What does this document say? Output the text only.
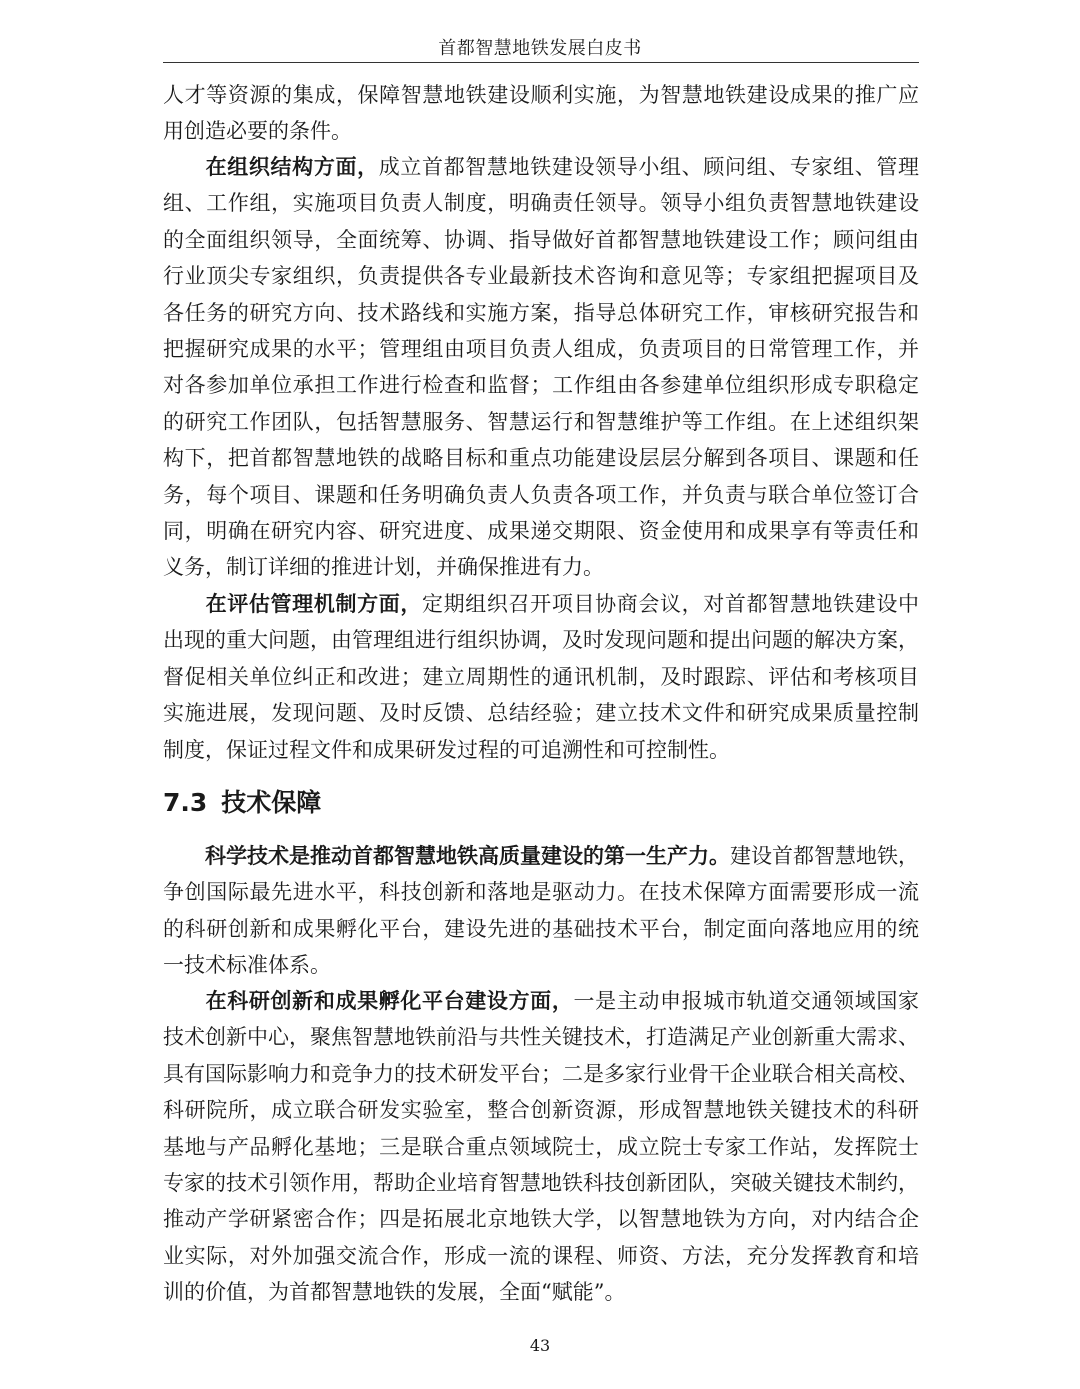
首都智慧地铁发展白皮书
人才等资源的集成，保障智慧地铁建设顺利实施，为智慧地铁建设成果的推广应
用创造必要的条件。
在组织结构方面，成立首都智慧地铁建设领导小组、顾问组、专家组、管理
组、工作组，实施项目负责人制度，明确责任领导。领导小组负责智慧地铁建设
的全面组织领导，全面统筹、协调、指导做好首都智慧地铁建设工作；顾问组由
行业顶尖专家组织，负责提供各专业最新技术咨询和意见等；专家组把握项目及
各任务的研究方向、技术路线和实施方案，指导总体研究工作，审核研究报告和
把握研究成果的水平；管理组由项目负责人组成，负责项目的日常管理工作，并
对各参加单位承担工作进行检查和监督；工作组由各参建单位组织形成专职稳定
的研究工作团队，包括智慧服务、智慧运行和智慧维护等工作组。在上述组织架
构下，把首都智慧地铁的战略目标和重点功能建设层层分解到各项目、课题和任
务，每个项目、课题和任务明确负责人负责各项工作，并负责与联合单位签订合
同，明确在研究内容、研究进度、成果递交期限、资金使用和成果享有等责任和
义务，制订详细的推进计划，并确保推进有力。
在评估管理机制方面，定期组织召开项目协商会议，对首都智慧地铁建设中
出现的重大问题，由管理组进行组织协调，及时发现问题和提出问题的解决方案，
督促相关单位纠正和改进；建立周期性的通讯机制，及时跟踪、评估和考核项目
实施进展，发现问题、及时反馈、总结经验；建立技术文件和研究成果质量控制
制度，保证过程文件和成果研发过程的可追溯性和可控制性。
7.3 技术保障
科学技术是推动首都智慧地铁高质量建设的第一生产力。建设首都智慧地铁，
争创国际最先进水平，科技创新和落地是驱动力。在技术保障方面需要形成一流
的科研创新和成果孵化平台，建设先进的基础技术平台，制定面向落地应用的统
一技术标准体系。
在科研创新和成果孵化平台建设方面，一是主动申报城市轨道交通领域国家
技术创新中心，聚焦智慧地铁前沿与共性关键技术，打造满足产业创新重大需求、
具有国际影响力和竞争力的技术研发平台；二是多家行业骨干企业联合相关高校、
科研院所，成立联合研发实验室，整合创新资源，形成智慧地铁关键技术的科研
基地与产品孵化基地；三是联合重点领域院士，成立院士专家工作站，发挥院士
专家的技术引领作用，帮助企业培育智慧地铁科技创新团队，突破关键技术制约，
推动产学研紧密合作；四是拓展北京地铁大学，以智慧地铁为方向，对内结合企
业实际，对外加强交流合作，形成一流的课程、师资、方法，充分发挥教育和培
训的价值，为首都智慧地铁的发展，全面“赋能”。
43
